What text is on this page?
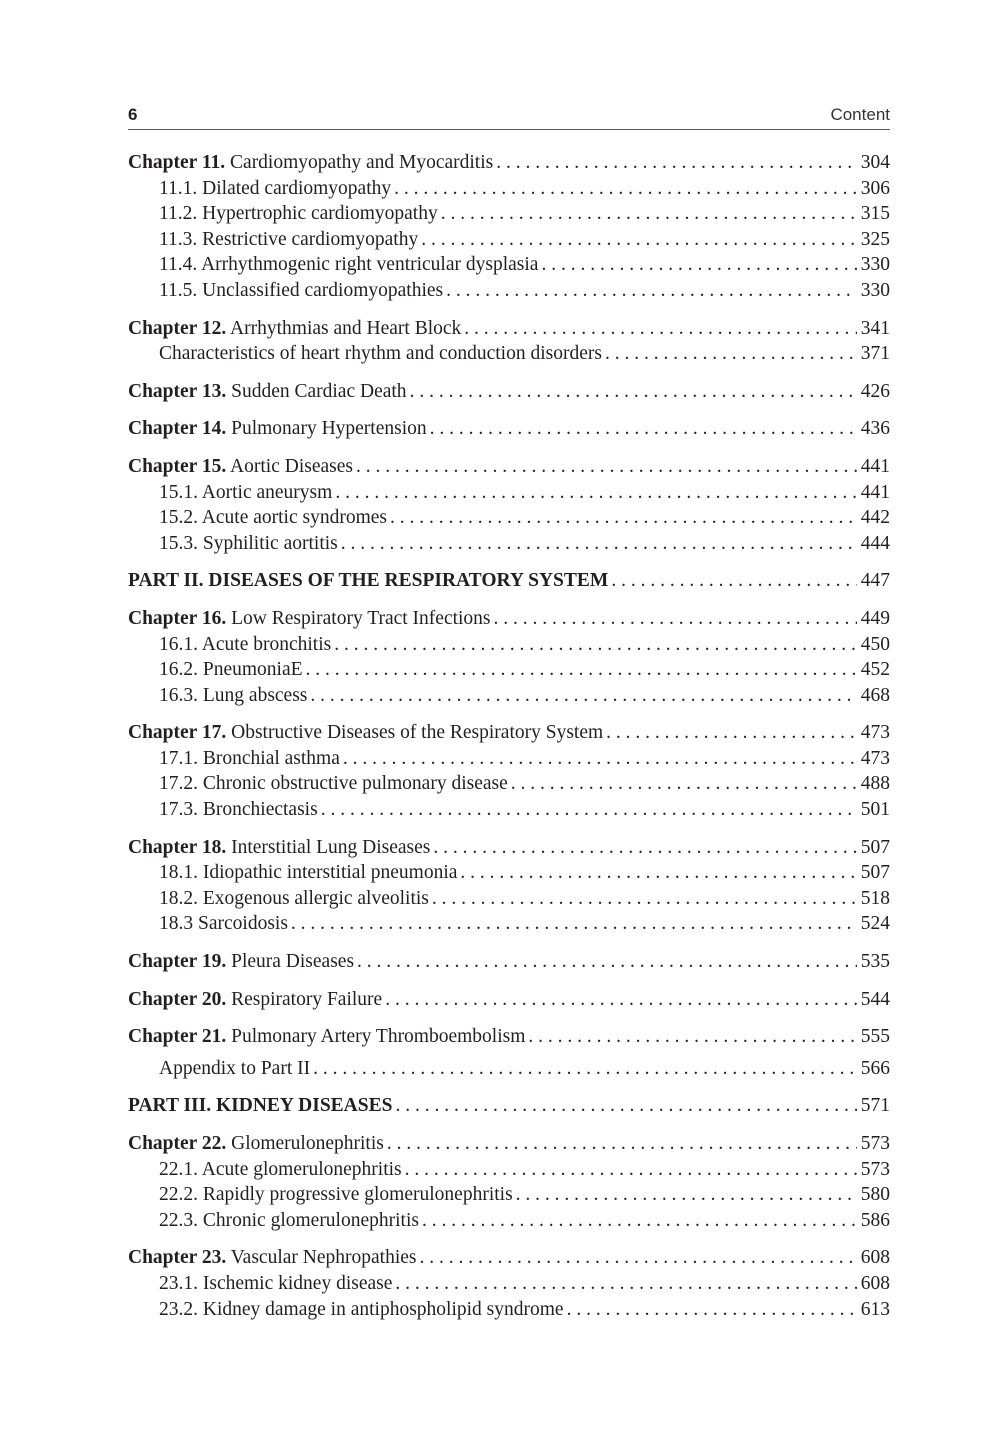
6	Content
Chapter 11. Cardiomyopathy and Myocarditis . . .	304
11.1. Dilated cardiomyopathy . . .	306
11.2. Hypertrophic cardiomyopathy . . .	315
11.3. Restrictive cardiomyopathy . . .	325
11.4. Arrhythmogenic right ventricular dysplasia . . .	330
11.5. Unclassified cardiomyopathies . . .	330
Chapter 12. Arrhythmias and Heart Block . . .	341
Characteristics of heart rhythm and conduction disorders . . .	371
Chapter 13. Sudden Cardiac Death . . .	426
Chapter 14. Pulmonary Hypertension . . .	436
Chapter 15. Aortic Diseases . . .	441
15.1. Aortic aneurysm . . .	441
15.2. Acute aortic syndromes . . .	442
15.3. Syphilitic aortitis . . .	444
PART II. DISEASES OF THE RESPIRATORY SYSTEM . . .	447
Chapter 16. Low Respiratory Tract Infections . . .	449
16.1. Acute bronchitis . . .	450
16.2. PneumoniaE . . .	452
16.3. Lung abscess . . .	468
Chapter 17. Obstructive Diseases of the Respiratory System . . .	473
17.1. Bronchial asthma . . .	473
17.2. Chronic obstructive pulmonary disease . . .	488
17.3. Bronchiectasis . . .	501
Chapter 18. Interstitial Lung Diseases . . .	507
18.1. Idiopathic interstitial pneumonia . . .	507
18.2. Exogenous allergic alveolitis . . .	518
18.3 Sarcoidosis . . .	524
Chapter 19. Pleura Diseases . . .	535
Chapter 20. Respiratory Failure . . .	544
Chapter 21. Pulmonary Artery Thromboembolism . . .	555
Appendix to Part II . . .	566
PART III. KIDNEY DISEASES . . .	571
Chapter 22. Glomerulonephritis . . .	573
22.1. Acute glomerulonephritis . . .	573
22.2. Rapidly progressive glomerulonephritis . . .	580
22.3. Chronic glomerulonephritis . . .	586
Chapter 23. Vascular Nephropathies . . .	608
23.1. Ischemic kidney disease . . .	608
23.2. Kidney damage in antiphospholipid syndrome . . .	613
